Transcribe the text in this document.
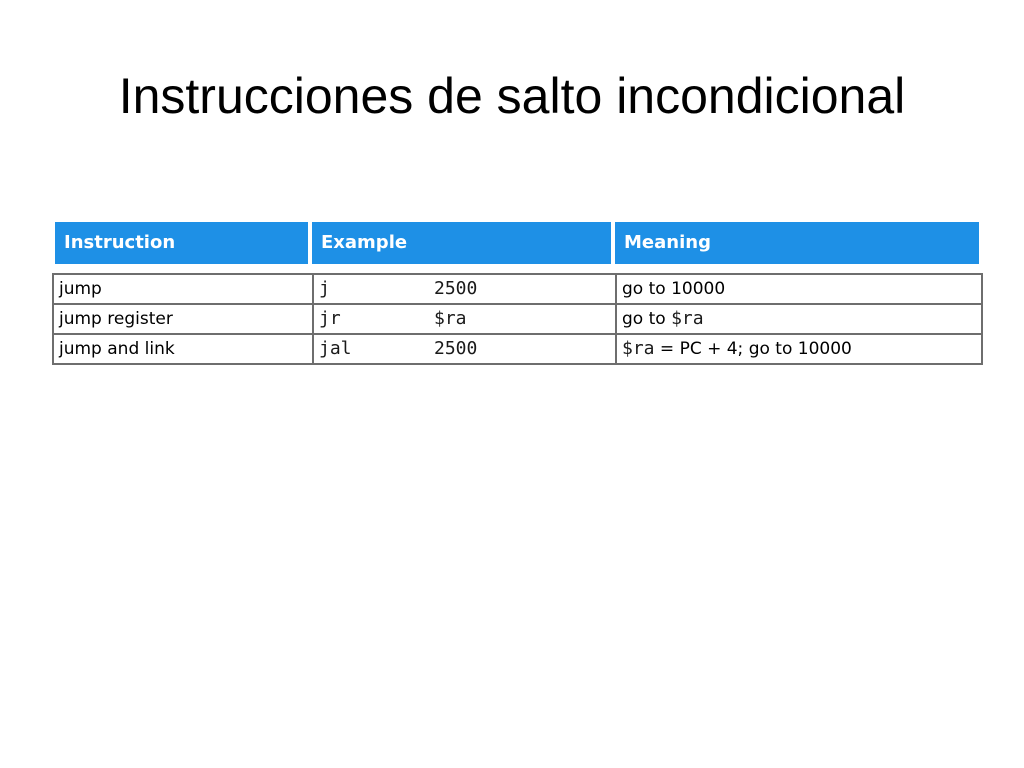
Instrucciones de salto incondicional
Instruction	Example	Meaning
jump	j 2500	go to 10000
jump register	jr $ra	go to $ra
jump and link	jal 2500	$ra = PC + 4; go to 10000
